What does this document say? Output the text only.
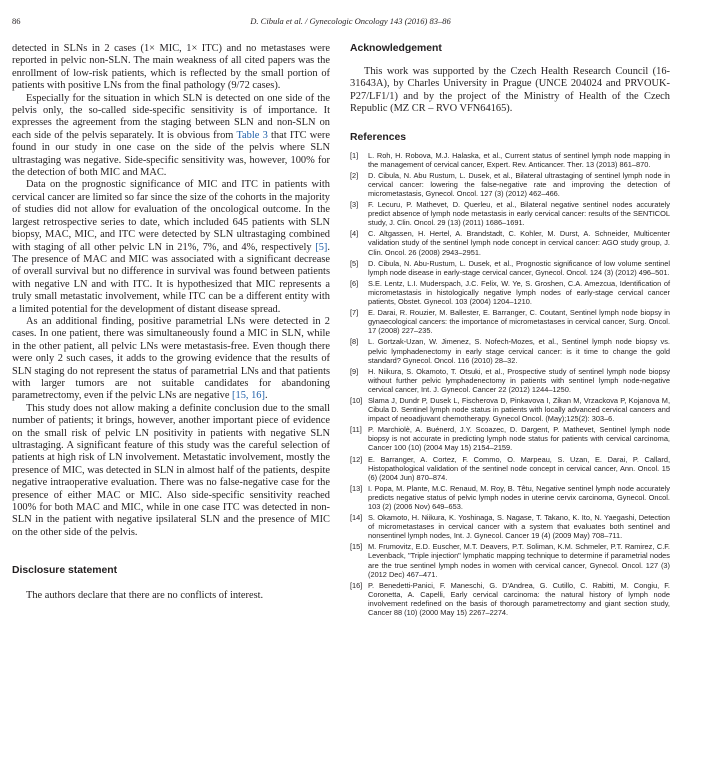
86	D. Cibula et al. / Gynecologic Oncology 143 (2016) 83–86

detected in SLNs in 2 cases (1× MIC, 1× ITC) and no metastases were reported in pelvic non-SLN. The main weakness of all cited papers was the enrollment of low-risk patients, which is reflected by the small portion of patients with positive LNs from the final pathology (9/72 cases).

Especially for the situation in which SLN is detected on one side of the pelvis only, the so-called side-specific sensitivity is of importance. It expresses the agreement from the staging between SLN and non-SLN on each side of the pelvis separately. It is obvious from Table 3 that ITC were found in our study in one case on the side of the pelvis where SLN ultrastaging was negative. Side-specific sensitivity was, however, 100% for the detection of both MIC and MAC.

Data on the prognostic significance of MIC and ITC in patients with cervical cancer are limited so far since the size of the cohorts in the majority of studies did not allow for evaluation of the oncological outcome. In the largest retrospective series to date, which included 645 patients with SLN biopsy, MAC, MIC, and ITC were detected by SLN ultrastaging combined with staging of all other pelvic LN in 21%, 7%, and 4%, respectively [5]. The presence of MAC and MIC was associated with a significant decrease of overall survival but no difference in survival was found between patients with negative LN and with ITC. It is hypothesized that MIC represents a truly small metastatic involvement, while ITC can be a different entity with a limited potential for the development of distant disease spread.

As an additional finding, positive parametrial LNs were detected in 2 cases. In one patient, there was simultaneously found a MIC in SLN, while in the other patient, all pelvic LNs were metastasis-free. Even though there were only 2 such cases, it adds to the growing evidence that the results of SLN staging do not represent the status of parametrial LNs and that patients with larger tumors are not suitable candidates for abandoning parametrectomy, even if the pelvic LNs are negative [15, 16].

This study does not allow making a definite conclusion due to the small number of patients; it brings, however, another important piece of evidence on the small risk of pelvic LN positivity in patients with negative SLN ultrastaging. A significant feature of this study was the careful selection of patients at high risk of LN involvement. Metastatic involvement, mostly the presence of MIC, was detected in SLN in almost half of the patients, despite negative intraoperative evaluation. There was no false-negative case for the presence of either MAC or MIC. Also side-specific sensitivity reached 100% for both MAC and MIC, while in one case ITC was detected in non-SLN in the patient with negative ipsilateral SLN and the presence of MIC on the other side of the pelvis.

Disclosure statement

The authors declare that there are no conflicts of interest.

Acknowledgement

This work was supported by the Czech Health Research Council (16-31643A), by Charles University in Prague (UNCE 204024 and PRVOUK-P27/LF1/1) and by the project of the Ministry of Health of the Czech Republic (MZ CR – RVO VFN64165).

References
[1]	L. Roh, H. Robova, M.J. Halaska, et al., Current status of sentinel lymph node mapping in the management of cervical cancer, Expert. Rev. Anticancer. Ther. 13 (2013) 861–870.
[2]	D. Cibula, N. Abu Rustum, L. Dusek, et al., Bilateral ultrastaging of sentinel lymph node in cervical cancer: lowering the false-negative rate and improving the detection of micrometastasis, Gynecol. Oncol. 127 (3) (2012) 462–466.
[3]	F. Lecuru, P. Mathevet, D. Querleu, et al., Bilateral negative sentinel nodes accurately predict absence of lymph node metastasis in early cervical cancer: results of the SENTICOL study, J. Clin. Oncol. 29 (13) (2011) 1686–1691.
[4]	C. Altgassen, H. Hertel, A. Brandstadt, C. Kohler, M. Durst, A. Schneider, Multicenter validation study of the sentinel lymph node concept in cervical cancer: AGO study group, J. Clin. Oncol. 26 (2008) 2943–2951.
[5]	D. Cibula, N. Abu-Rustum, L. Dusek, et al., Prognostic significance of low volume sentinel lymph node disease in early-stage cervical cancer, Gynecol. Oncol. 124 (3) (2012) 496–501.
[6]	S.E. Lentz, L.I. Muderspach, J.C. Felix, W. Ye, S. Groshen, C.A. Amezcua, Identification of micrometastasis in histologically negative lymph nodes of early-stage cervical cancer patients, Obstet. Gynecol. 103 (2004) 1204–1210.
[7]	E. Darai, R. Rouzier, M. Ballester, E. Barranger, C. Coutant, Sentinel lymph node biopsy in gynaecological cancers: the importance of micrometastases in cervical cancer, Surg. Oncol. 17 (2008) 227–235.
[8]	L. Gortzak-Uzan, W. Jimenez, S. Nofech-Mozes, et al., Sentinel lymph node biopsy vs. pelvic lymphadenectomy in early stage cervical cancer: is it time to change the gold standard? Gynecol. Oncol. 116 (2010) 28–32.
[9]	H. Niikura, S. Okamoto, T. Otsuki, et al., Prospective study of sentinel lymph node biopsy without further pelvic lymphadenectomy in patients with sentinel lymph node-negative cervical cancer, Int. J. Gynecol. Cancer 22 (2012) 1244–1250.
[10] Slama J, Dundr P, Dusek L, Fischerova D, Pinkavova I, Zikan M, Vrzackova P, Kojanova M, Cibula D. Sentinel lymph node status in patients with locally advanced cervical cancers and impact of neoadjuvant chemotherapy. Gynecol Oncol. (May);125(2): 303–6.
[11] P. Marchiolè, A. Buénerd, J.Y. Scoazec, D. Dargent, P. Mathevet, Sentinel lymph node biopsy is not accurate in predicting lymph node status for patients with cervical carcinoma, Cancer 100 (10) (2004 May 15) 2154–2159.
[12] E. Barranger, A. Cortez, F. Commo, O. Marpeau, S. Uzan, E. Darai, P. Callard, Histopathological validation of the sentinel node concept in cervical cancer, Ann. Oncol. 15 (6) (2004 Jun) 870–874.
[13] I. Popa, M. Plante, M.C. Renaud, M. Roy, B. Têtu, Negative sentinel lymph node accurately predicts negative status of pelvic lymph nodes in uterine cervix carcinoma, Gynecol. Oncol. 103 (2) (2006 Nov) 649–653.
[14] S. Okamoto, H. Niikura, K. Yoshinaga, S. Nagase, T. Takano, K. Ito, N. Yaegashi, Detection of micrometastases in cervical cancer with a system that evaluates both sentinel and nonsentinel lymph nodes, Int. J. Gynecol. Cancer 19 (4) (2009 May) 708–711.
[15] M. Frumovitz, E.D. Euscher, M.T. Deavers, P.T. Soliman, K.M. Schmeler, P.T. Ramirez, C.F. Levenback, "Triple injection" lymphatic mapping technique to determine if parametrial nodes are the true sentinel lymph nodes in women with cervical cancer, Gynecol. Oncol. 127 (3) (2012 Dec) 467–471.
[16] P. Benedetti-Panici, F. Maneschi, G. D'Andrea, G. Cutillo, C. Rabitti, M. Congiu, F. Coronetta, A. Capelli, Early cervical carcinoma: the natural history of lymph node involvement redefined on the basis of thorough parametrectomy and giant section study, Cancer 88 (10) (2000 May 15) 2267–2274.
